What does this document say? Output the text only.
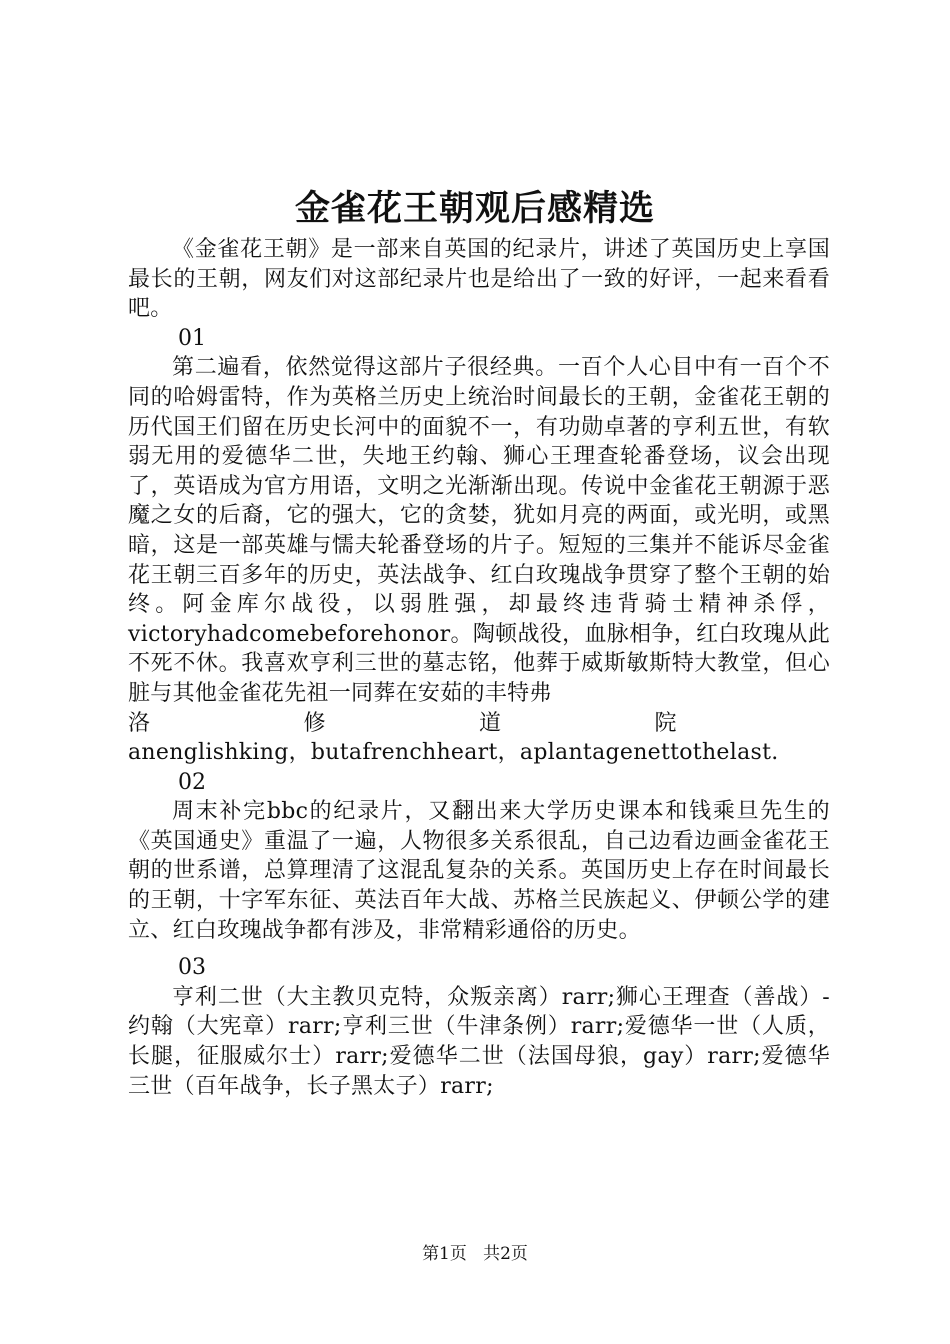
金雀花王朝观后感精选

《金雀花王朝》是一部来自英国的纪录片，讲述了英国历史上享国最长的王朝，网友们对这部纪录片也是给出了一致的好评，一起来看看吧。

01

第二遍看，依然觉得这部片子很经典。一百个人心目中有一百个不同的哈姆雷特，作为英格兰历史上统治时间最长的王朝，金雀花王朝的历代国王们留在历史长河中的面貌不一，有功勋卓著的亨利五世，有软弱无用的爱德华二世，失地王约翰、狮心王理查轮番登场，议会出现了，英语成为官方用语，文明之光渐渐出现。传说中金雀花王朝源于恶魔之女的后裔，它的强大，它的贪婪，犹如月亮的两面，或光明，或黑暗，这是一部英雄与懦夫轮番登场的片子。短短的三集并不能诉尽金雀花王朝三百多年的历史，英法战争、红白玫瑰战争贯穿了整个王朝的始终。阿金库尔战役，以弱胜强，却最终违背骑士精神杀俘，victoryhadcomebeforehonor。陶顿战役，血脉相争，红白玫瑰从此不死不休。我喜欢亨利三世的墓志铭，他葬于威斯敏斯特大教堂，但心脏与其他金雀花先祖一同葬在安茹的丰特弗

洛	修	道	院

anenglishking，butafrenchheart，aplantagenettothelast.

02

周末补完bbc的纪录片，又翻出来大学历史课本和钱乘旦先生的《英国通史》重温了一遍，人物很多关系很乱，自己边看边画金雀花王朝的世系谱，总算理清了这混乱复杂的关系。英国历史上存在时间最长的王朝，十字军东征、英法百年大战、苏格兰民族起义、伊顿公学的建立、红白玫瑰战争都有涉及，非常精彩通俗的历史。

03

亨利二世（大主教贝克特，众叛亲离）rarr;狮心王理查（善战）-约翰（大宪章）rarr;亨利三世（牛津条例）rarr;爱德华一世（人质，长腿，征服威尔士）rarr;爱德华二世（法国母狼，gay）rarr;爱德华三世（百年战争，长子黑太子）rarr;

第1页 共2页
